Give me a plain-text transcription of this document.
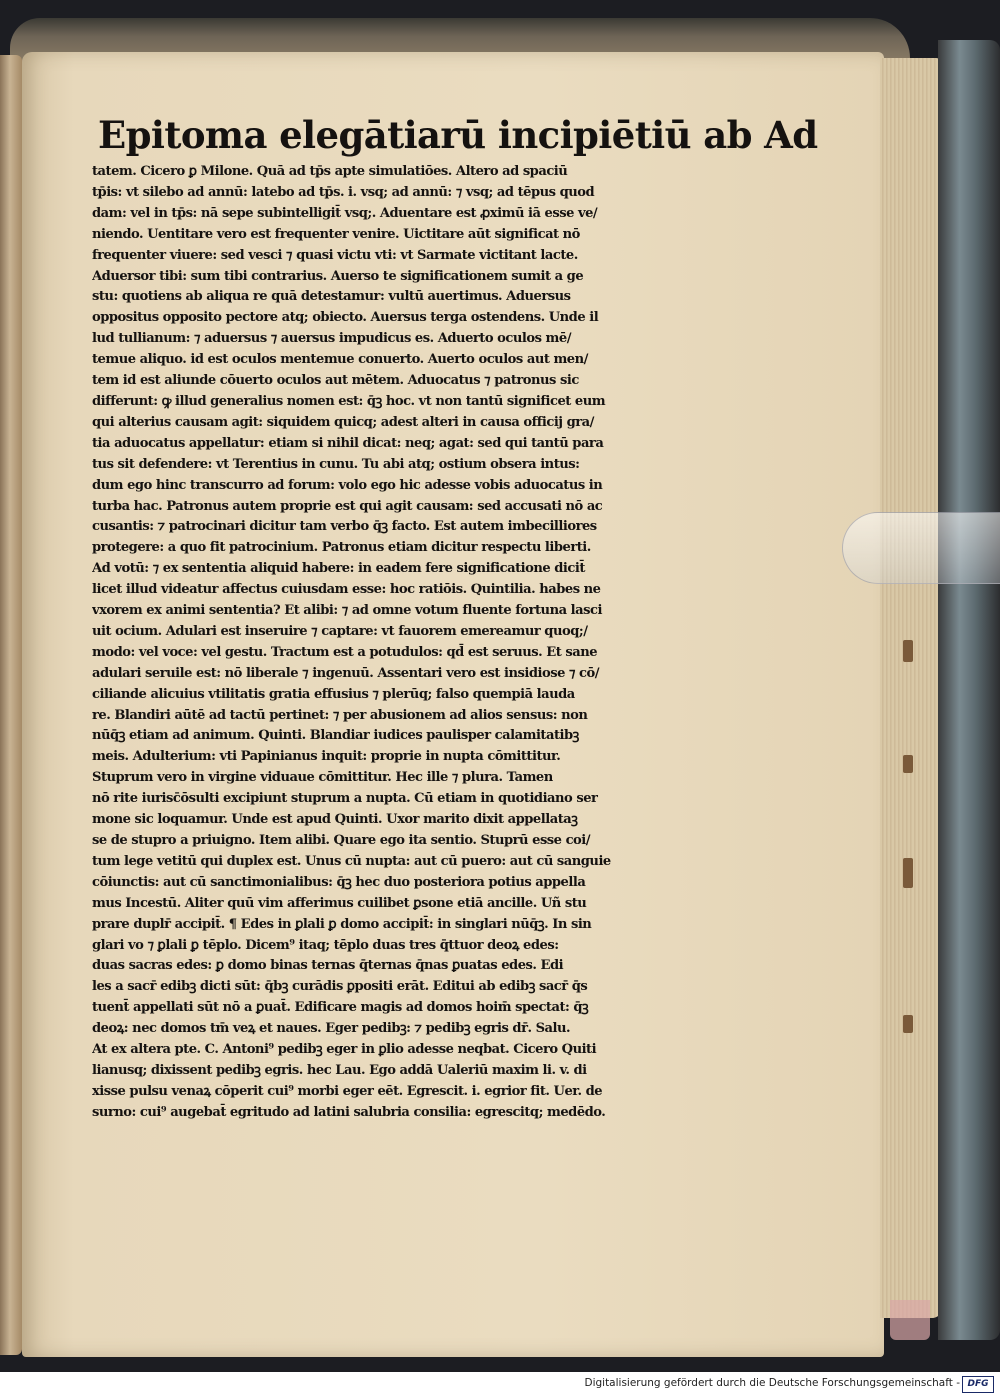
Epitoma elegātiarū incipiētiū ab Ad
tatem. Cicero ꝑ Milone. Quā ad tp̄s apte simulatiōes. Altero ad spaciū
tp̄is: vt silebo ad annū: latebo ad tp̄s. i. vsq; ad annū: ⁊ vsq; ad tēpus quod
dam: vel in tp̄s: nā sepe subintelligit̄ vsq;. Aduentare est ꝓximū iā esse ve/
niendo. Uentitare vero est frequenter venire. Uictitare aūt significat nō
frequenter viuere: sed vesci ⁊ quasi victu vti: vt Sarmate victitant lacte.
Aduersor tibi: sum tibi contrarius. Auerso te significationem sumit a ge
stu: quotiens ab aliqua re quā detestamur: vultū auertimus. Aduersus
oppositus opposito pectore atq; obiecto. Auersus terga ostendens. Unde il
lud tullianum: ⁊ aduersus ⁊ auersus impudicus es. Aduerto oculos mē/
temue aliquo. id est oculos mentemue conuerto. Auerto oculos aut men/
tem id est aliunde cōuerto oculos aut mētem. Aduocatus ⁊ patronus sic
differunt: ꝙ illud generalius nomen est: q̄ꝫ hoc. vt non tantū significet eum
qui alterius causam agit: siquidem quicq; adest alteri in causa officij gra/
tia aduocatus appellatur: etiam si nihil dicat: neq; agat: sed qui tantū para
tus sit defendere: vt Terentius in cunu. Tu abi atq; ostium obsera intus:
dum ego hinc transcurro ad forum: volo ego hic adesse vobis aduocatus in
turba hac. Patronus autem proprie est qui agit causam: sed accusati nō ac
cusantis: ⁊ patrocinari dicitur tam verbo q̄ꝫ facto. Est autem imbecilliores
protegere: a quo fit patrocinium. Patronus etiam dicitur respectu liberti.
Ad votū: ⁊ ex sententia aliquid habere: in eadem fere significatione dicit̄
licet illud videatur affectus cuiusdam esse: hoc ratiōis. Quintilia. habes ne
vxorem ex animi sententia? Et alibi: ⁊ ad omne votum fluente fortuna lasci
uit ocium. Adulari est inseruire ⁊ captare: vt fauorem emereamur quoq;/
modo: vel voce: vel gestu. Tractum est a potudulos: qd̄ est seruus. Et sane
adulari seruile est: nō liberale ⁊ ingenuū. Assentari vero est insidiose ⁊ cō/
ciliande alicuius vtilitatis gratia effusius ⁊ plerūq; falso quempiā lauda
re. Blandiri aūtē ad tactū pertinet: ⁊ per abusionem ad alios sensus: non
nūq̄ꝫ etiam ad animum. Quinti. Blandiar iudices paulisper calamitatibꝫ
meis. Adulterium: vti Papinianus inquit: proprie in nupta cōmittitur.
Stuprum vero in virgine viduaue cōmittitur. Hec ille ⁊ plura. Tamen
nō rite iurisc̄ōsulti excipiunt stuprum a nupta. Cū etiam in quotidiano ser
mone sic loquamur. Unde est apud Quinti. Uxor marito dixit appellataꝫ
se de stupro a priuigno. Item alibi. Quare ego ita sentio. Stuprū esse coi/
tum lege vetitū qui duplex est. Unus cū nupta: aut cū puero: aut cū sanguie
cōiunctis: aut cū sanctimonialibus: q̄ꝫ hec duo posteriora potius appella
mus Incestū. Aliter quū vim afferimus cuilibet ꝑsone etiā ancille. Uñ stu
prare duplr̄ accipit̄. ¶ Edes in ꝑlali ꝑ domo accipit̄: in singlari nūq̄ꝫ. In sin
glari vo ⁊ ꝑlali ꝑ tēplo. Dicem⁹ itaq; tēplo duas tres q̄ttuor deoꝝ edes:
duas sacras edes: ꝑ domo binas ternas q̄ternas q̄nas ꝑuatas edes. Edi
les a sacr̄ edibꝫ dicti sūt: q̄bꝫ curādis ꝑpositi erāt. Editui ab edibꝫ sacr̄ q̄s
tuent̄ appellati sūt nō a ꝑuat̄. Edificare magis ad domos hoim̄ spectat: q̄ꝫ
deoꝝ: nec domos tm̄ veꝝ et naues. Eger pedibꝫ: ⁊ pedibꝫ egris dr̄. Salu.
At ex altera pte. C. Antoni⁹ pedibꝫ eger in ꝑlio adesse neqbat. Cicero Quiti
lianusq; dixissent pedibꝫ egris. hec Lau. Ego addā Ualeriū maxim li. v. di
xisse pulsu venaꝝ cōperit cui⁹ morbi eger eēt. Egrescit. i. egrior fit. Uer. de
surno: cui⁹ augebat̄ egritudo ad latini salubria consilia: egrescitq; medēdo.
Digitalisierung gefördert durch die Deutsche Forschungsgemeinschaft - DFG
